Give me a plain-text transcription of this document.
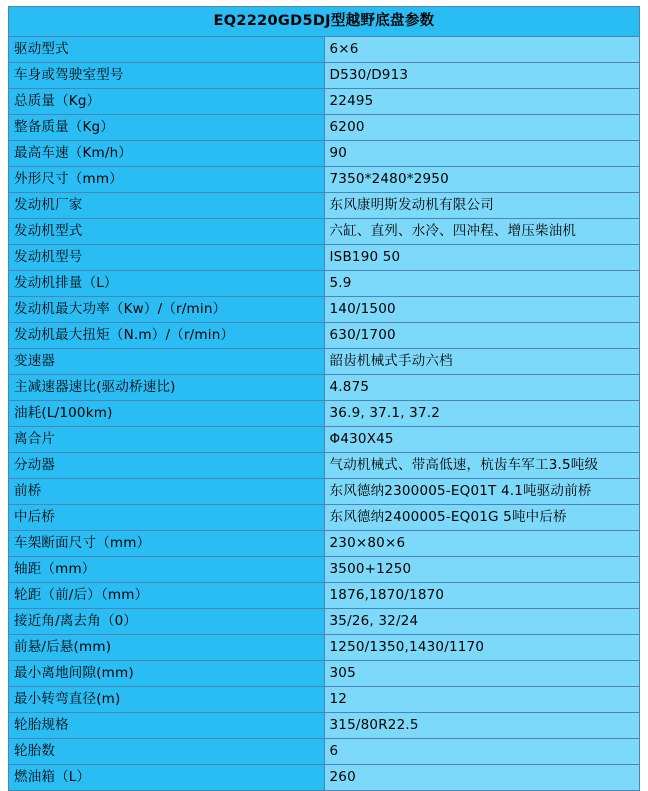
EQ2220GD5DJ型越野底盘参数	
驱动型式	6×6
车身或驾驶室型号	D530/D913
总质量（Kg）	22495
整备质量（Kg）	6200
最高车速（Km/h）	90
外形尺寸（mm）	7350*2480*2950
发动机厂家	东风康明斯发动机有限公司
发动机型式	六缸、直列、水冷、四冲程、增压柴油机
发动机型号	ISB190 50
发动机排量（L）	5.9
发动机最大功率（Kw）/（r/min）	140/1500
发动机最大扭矩（N.m）/（r/min）	630/1700
变速器	韶齿机械式手动六档
主减速器速比(驱动桥速比)	4.875
油耗(L/100km)	36.9, 37.1, 37.2
离合片	Φ430X45
分动器	气动机械式、带高低速，杭齿车军工3.5吨级
前桥	东风德纳2300005-EQ01T 4.1吨驱动前桥
中后桥	东风德纳2400005-EQ01G 5吨中后桥
车架断面尺寸（mm）	230×80×6
轴距（mm）	3500+1250
轮距（前/后）（mm）	1876,1870/1870
接近角/离去角（0）	35/26, 32/24
前悬/后悬(mm)	1250/1350,1430/1170
最小离地间隙(mm)	305
最小转弯直径(m)	12
轮胎规格	315/80R22.5
轮胎数	6
燃油箱（L）	260
